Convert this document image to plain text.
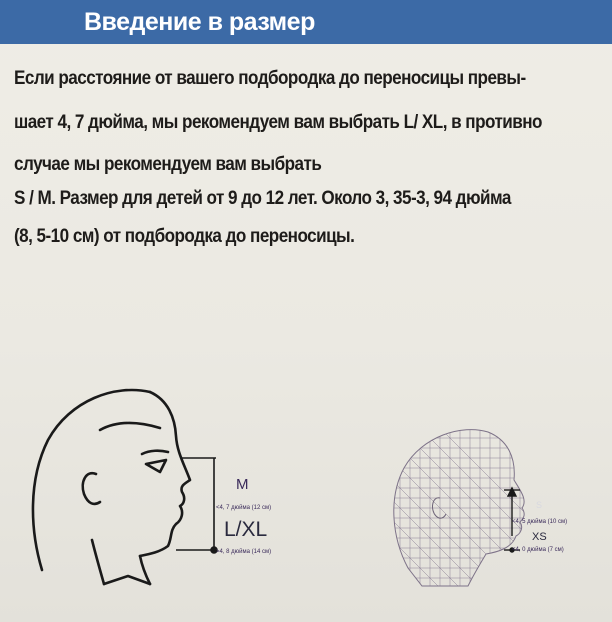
Введение в размер
Если расстояние от вашего подбородка до переносицы превы-
шает 4, 7 дюйма, мы рекомендуем вам выбрать L/ XL, в противно
случае мы рекомендуем вам выбрать
S / M. Размер для детей от 9 до 12 лет. Около 3, 35-3, 94 дюйма
(8, 5-10 см) от подбородка до переносицы.
M
<4, 7 дюйма (12 см)
L/XL
>4, 8 дюйма (14 см)
S
<4, 5 дюйма (10 см)
XS
<4, 0 дюйма (7 см)
